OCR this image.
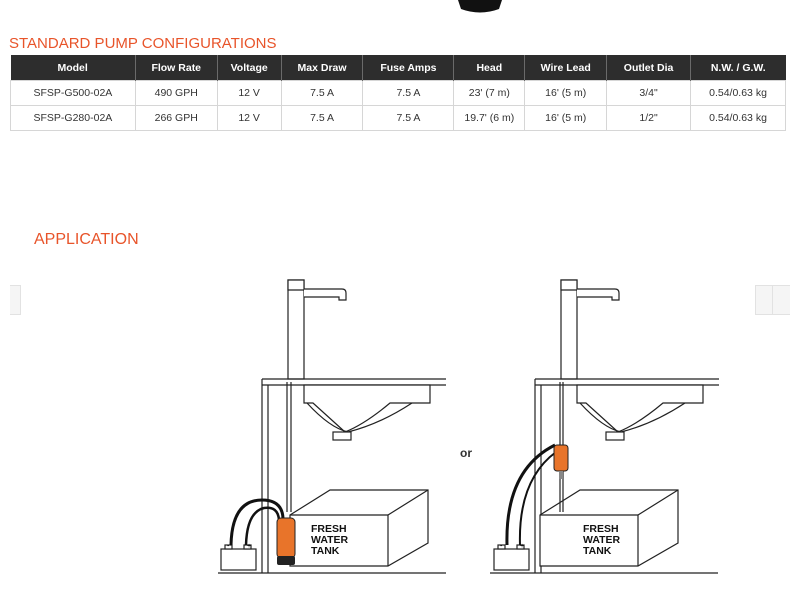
STANDARD PUMP CONFIGURATIONS
Model	Flow Rate	Voltage	Max Draw	Fuse Amps	Head	Wire Lead	Outlet Dia	N.W. / G.W.
SFSP-G500-02A	490 GPH	12 V	7.5 A	7.5 A	23' (7 m)	16' (5 m)	3/4"	0.54/0.63 kg
SFSP-G280-02A	266 GPH	12 V	7.5 A	7.5 A	19.7' (6 m)	16' (5 m)	1/2"	0.54/0.63 kg
APPLICATION
or
FRESH
WATER
TANK
FRESH
WATER
TANK
-	+	-	+
